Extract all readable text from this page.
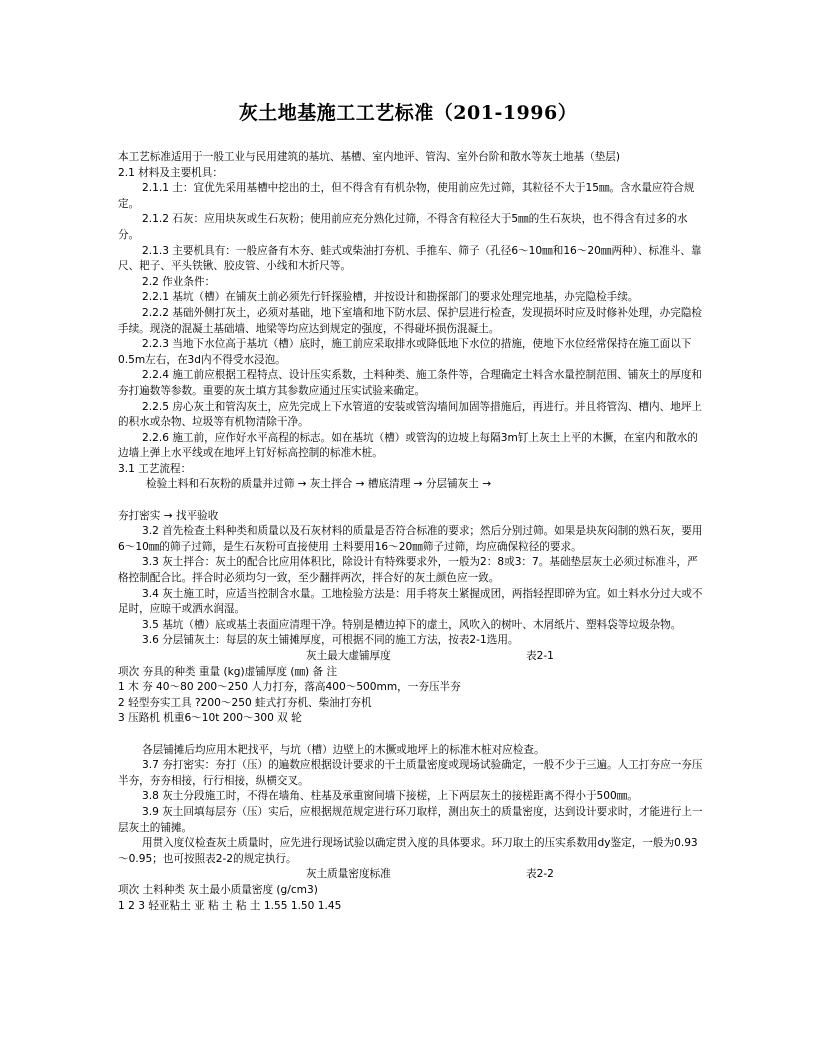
灰土地基施工工艺标准（201-1996）

本工艺标准适用于一般工业与民用建筑的基坑、基槽、室内地评、管沟、室外台阶和散水等灰土地基（垫层)

2.1 材料及主要机具：

2.1.1 土：宜优先采用基槽中挖出的土，但不得含有有机杂物，使用前应先过筛，其粒径不大于15㎜。含水量应符合规定。

2.1.2 石灰：应用块灰或生石灰粉；使用前应充分熟化过筛，不得含有粒径大于5㎜的生石灰块，也不得含有过多的水分。

2.1.3 主要机具有：一般应备有木夯、蛙式或柴油打夯机、手推车、筛子（孔径6～10㎜和16～20㎜两种）、标准斗、靠尺、耙子、平头铁锹、胶皮管、小线和木折尺等。

2.2 作业条件：

2.2.1 基坑（槽）在铺灰土前必须先行钎探验槽，并按设计和勘探部门的要求处理完地基，办完隐检手续。

2.2.2 基础外侧打灰土，必须对基础，地下室墙和地下防水层、保护层进行检查，发现损坏时应及时修补处理，办完隐检手续。现浇的混凝土基础墙、地梁等均应达到规定的强度，不得碰坏损伤混凝土。

2.2.3 当地下水位高于基坑（槽）底时，施工前应采取排水或降低地下水位的措施，使地下水位经常保持在施工面以下0.5m左右，在3d内不得受水浸泡。

2.2.4 施工前应根据工程特点、设计压实系数，土料种类、施工条件等，合理确定土料含水量控制范围、铺灰土的厚度和夯打遍数等参数。重要的灰土填方其参数应通过压实试验来确定。

2.2.5 房心灰土和管沟灰土，应先完成上下水管道的安装或管沟墙间加固等措施后，再进行。并且将管沟、槽内、地坪上的积水或杂物、垃圾等有机物清除干净。

2.2.6 施工前，应作好水平高程的标志。如在基坑（槽）或管沟的边坡上每隔3m钉上灰土上平的木撅，在室内和散水的边墙上弹上水平线或在地坪上钉好标高控制的标准木桩。

3.1 工艺流程：

检验土料和石灰粉的质量并过筛 → 灰土拌合 → 槽底清理 → 分层铺灰土 →

夯打密实 → 找平验收

3.2 首先检查土料种类和质量以及石灰材料的质量是否符合标准的要求；然后分别过筛。如果是块灰闷制的熟石灰，要用6～10㎜的筛子过筛，是生石灰粉可直接使用 土料要用16～20㎜筛子过筛，均应确保粒径的要求。

3.3 灰土拌合：灰土的配合比应用体积比，除设计有特殊要求外，一般为2：8或3：7。基础垫层灰土必须过标准斗，严格控制配合比。拌合时必须均匀一致，至少翻拌两次，拌合好的灰土颜色应一致。

3.4 灰土施工时，应适当控制含水量。工地检验方法是：用手将灰土紧握成团，两指轻捏即碎为宜。如土料水分过大或不足时，应晾干或洒水润湿。

3.5 基坑（槽）底或基土表面应清理干净。特别是槽边掉下的虚土，风吹入的树叶、木屑纸片、塑料袋等垃圾杂物。

3.6 分层铺灰土：每层的灰土铺摊厚度，可根据不同的施工方法，按表2-1选用。

灰土最大虚铺厚度	表2-1

项次 夯具的种类 重量 (kg)虚铺厚度 (㎜) 备 注

1 木 夯 40～80 200～250 人力打夯，落高400～500mm，一夯压半夯

2 轻型夯实工具 ?200～250 蛙式打夯机、柴油打夯机

3 压路机 机重6～10t 200～300 双 轮

各层铺摊后均应用木耙找平，与坑（槽）边壁上的木撅或地坪上的标准木桩对应检查。

3.7 夯打密实：夯打（压）的遍数应根据设计要求的干土质量密度或现场试验确定，一般不少于三遍。人工打夯应一夯压半夯，夯夯相接，行行相接，纵横交叉。

3.8 灰土分段施工时，不得在墙角、柱基及承重窗间墙下接槎，上下两层灰土的接槎距离不得小于500㎜。

3.9 灰土回填每层夯（压）实后，应根据规范规定进行环刀取样，测出灰土的质量密度，达到设计要求时，才能进行上一层灰土的铺摊。

用贯入度仪检查灰土质量时，应先进行现场试验以确定贯入度的具体要求。环刀取土的压实系数用dy鉴定，一般为0.93～0.95；也可按照表2-2的规定执行。

灰土质量密度标准	表2-2

项次 土料种类 灰土最小质量密度 (g/cm3)

1 2 3 轻亚粘土 亚 粘 土 粘 土 1.55 1.50 1.45
